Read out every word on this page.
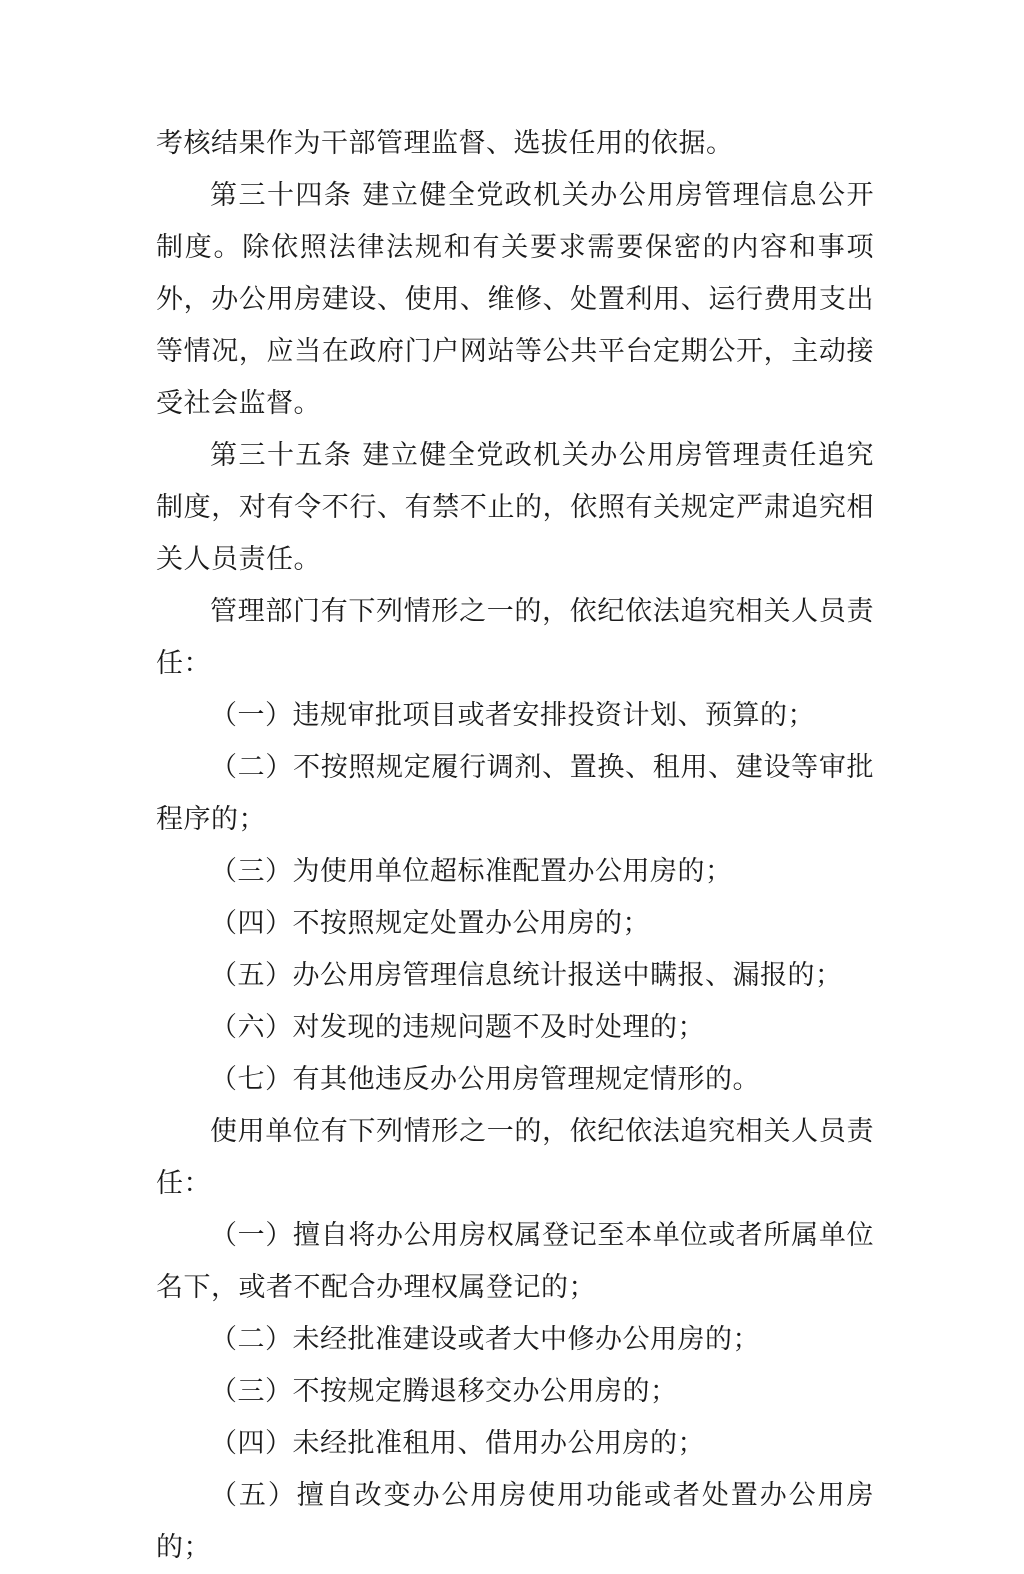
考核结果作为干部管理监督、选拔任用的依据。

第三十四条 建立健全党政机关办公用房管理信息公开制度。除依照法律法规和有关要求需要保密的内容和事项外，办公用房建设、使用、维修、处置利用、运行费用支出等情况，应当在政府门户网站等公共平台定期公开，主动接受社会监督。

第三十五条 建立健全党政机关办公用房管理责任追究制度，对有令不行、有禁不止的，依照有关规定严肃追究相关人员责任。

管理部门有下列情形之一的，依纪依法追究相关人员责任：

（一）违规审批项目或者安排投资计划、预算的；

（二）不按照规定履行调剂、置换、租用、建设等审批程序的；

（三）为使用单位超标准配置办公用房的；

（四）不按照规定处置办公用房的；

（五）办公用房管理信息统计报送中瞒报、漏报的；

（六）对发现的违规问题不及时处理的；

（七）有其他违反办公用房管理规定情形的。

使用单位有下列情形之一的，依纪依法追究相关人员责任：

（一）擅自将办公用房权属登记至本单位或者所属单位名下，或者不配合办理权属登记的；

（二）未经批准建设或者大中修办公用房的；

（三）不按规定腾退移交办公用房的；

（四）未经批准租用、借用办公用房的；

（五）擅自改变办公用房使用功能或者处置办公用房的；
